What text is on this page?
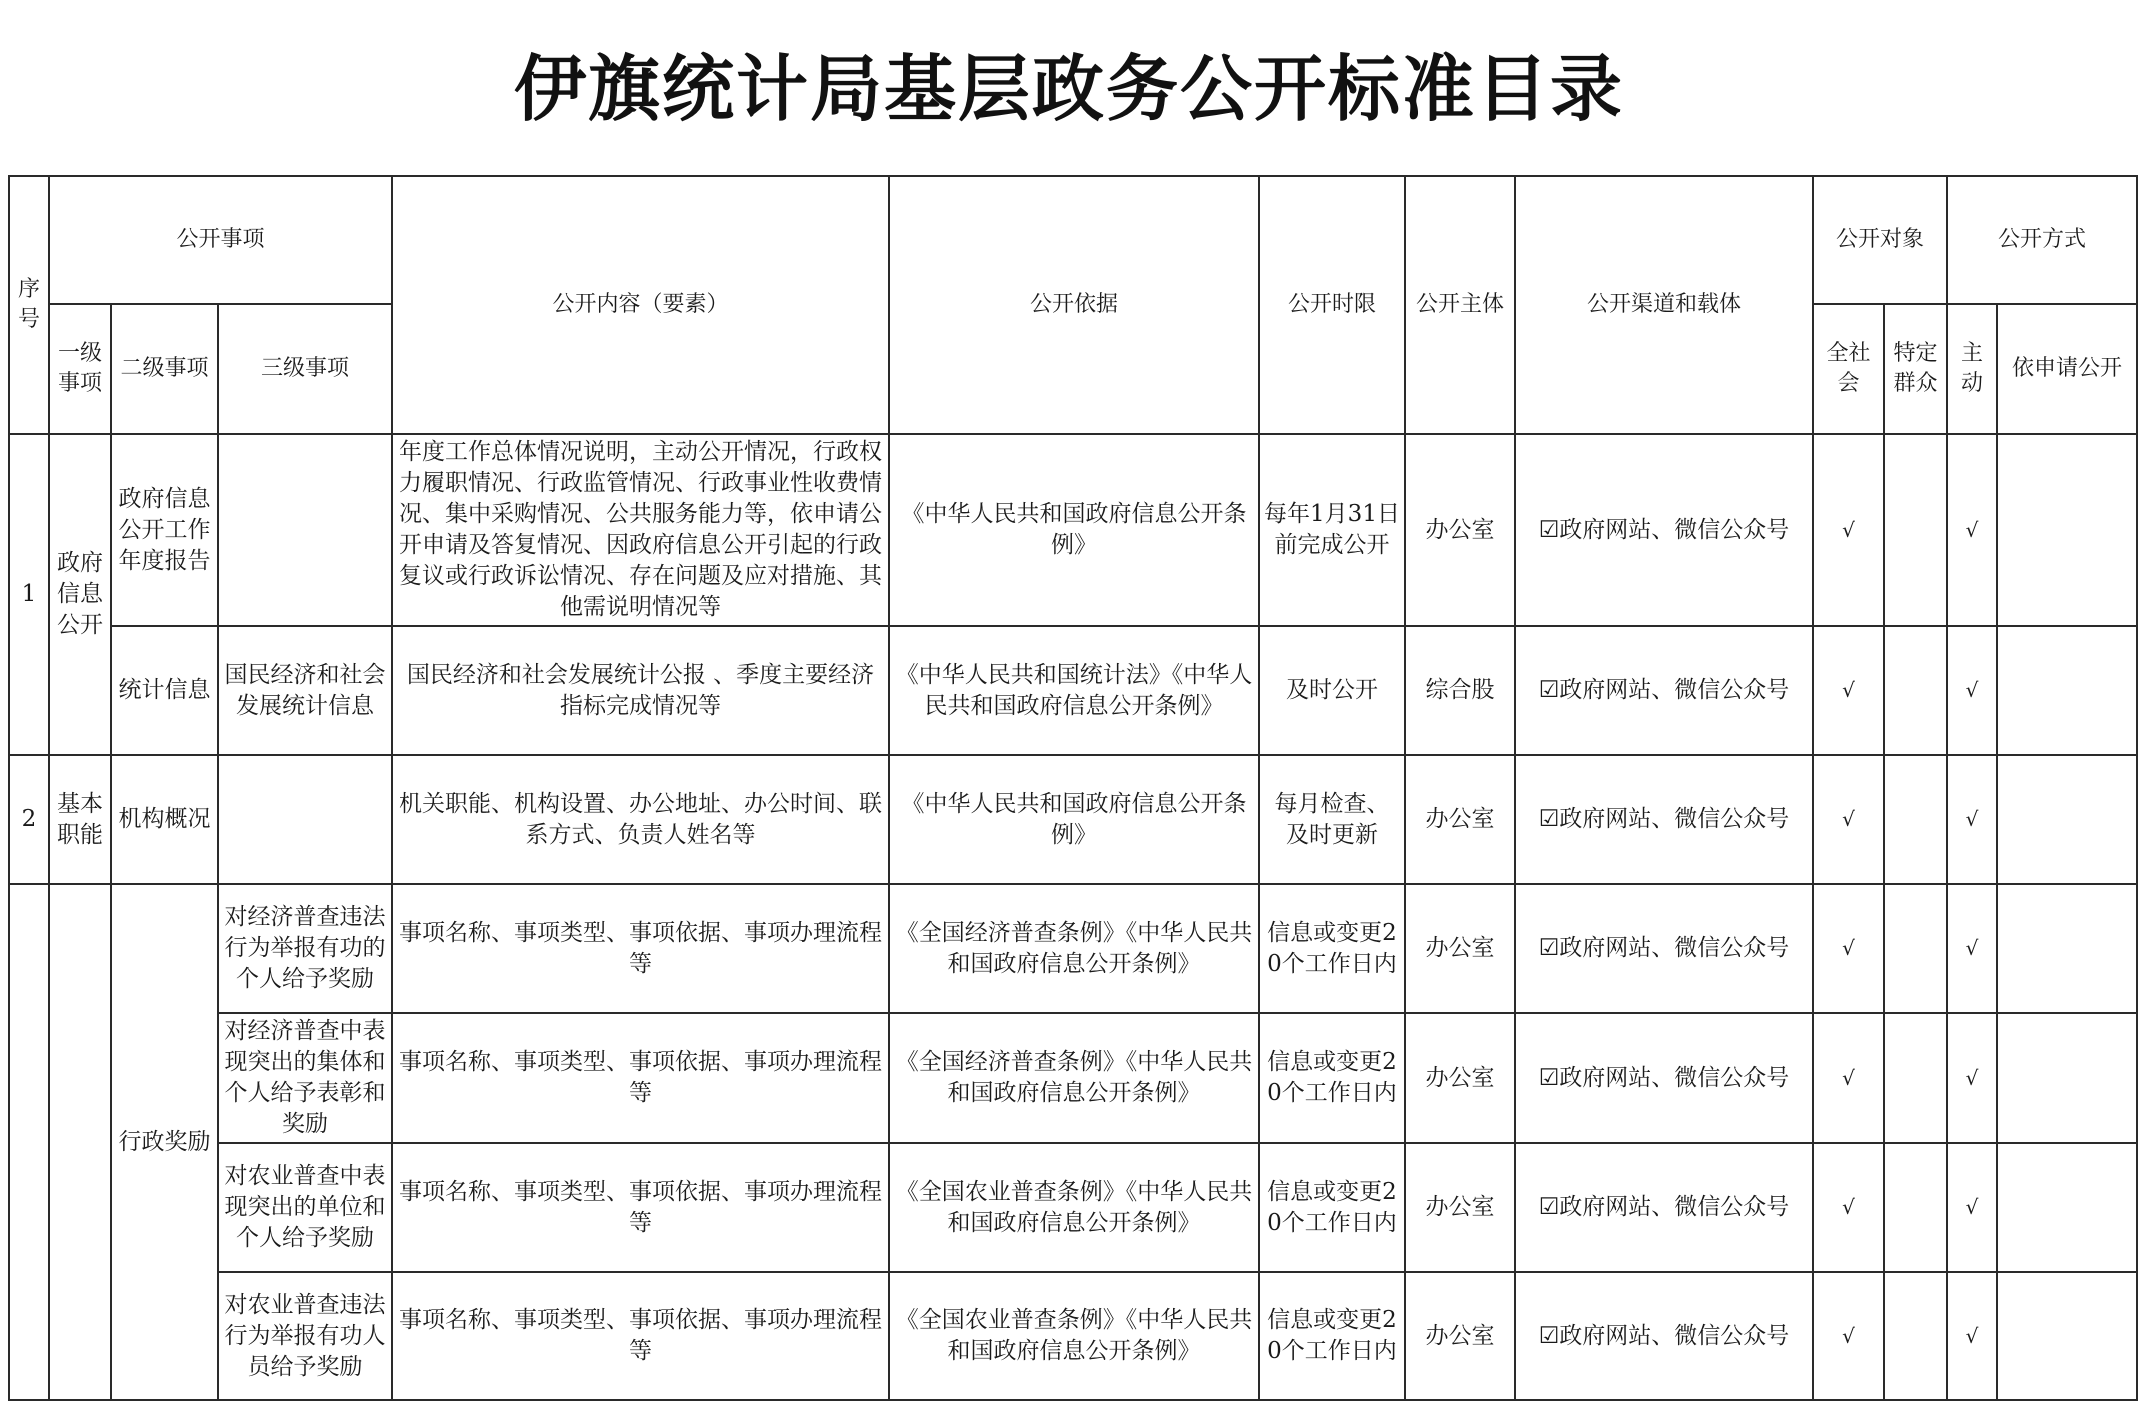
伊旗统计局基层政务公开标准目录
序号	公开事项			公开内容（要素）	公开依据	公开时限	公开主体	公开渠道和载体	公开对象		公开方式	
	一级事项	二级事项	三级事项						全社会	特定群众	主动	依申请公开
1	政府信息公开	政府信息公开工作年度报告		年度工作总体情况说明，主动公开情况，行政权力履职情况、行政监管情况、行政事业性收费情况、集中采购情况、公共服务能力等，依申请公开申请及答复情况、因政府信息公开引起的行政复议或行政诉讼情况、存在问题及应对措施、其他需说明情况等	《中华人民共和国政府信息公开条例》	每年1月31日前完成公开	办公室	☑政府网站、微信公众号	√		√	
		统计信息	国民经济和社会发展统计信息	国民经济和社会发展统计公报 、季度主要经济指标完成情况等	《中华人民共和国统计法》《中华人民共和国政府信息公开条例》	及时公开	综合股	☑政府网站、微信公众号	√		√	
2	基本职能	机构概况		机关职能、机构设置、办公地址、办公时间、联系方式、负责人姓名等	《中华人民共和国政府信息公开条例》	每月检查、及时更新	办公室	☑政府网站、微信公众号	√		√	
		行政奖励	对经济普查违法行为举报有功的个人给予奖励	事项名称、事项类型、事项依据、事项办理流程等	《全国经济普查条例》《中华人民共和国政府信息公开条例》	信息或变更20个工作日内	办公室	☑政府网站、微信公众号	√		√	
			对经济普查中表现突出的集体和个人给予表彰和奖励	事项名称、事项类型、事项依据、事项办理流程等	《全国经济普查条例》《中华人民共和国政府信息公开条例》	信息或变更20个工作日内	办公室	☑政府网站、微信公众号	√		√	
			对农业普查中表现突出的单位和个人给予奖励	事项名称、事项类型、事项依据、事项办理流程等	《全国农业普查条例》《中华人民共和国政府信息公开条例》	信息或变更20个工作日内	办公室	☑政府网站、微信公众号	√		√	
			对农业普查违法行为举报有功人员给予奖励	事项名称、事项类型、事项依据、事项办理流程等	《全国农业普查条例》《中华人民共和国政府信息公开条例》	信息或变更20个工作日内	办公室	☑政府网站、微信公众号	√		√	
